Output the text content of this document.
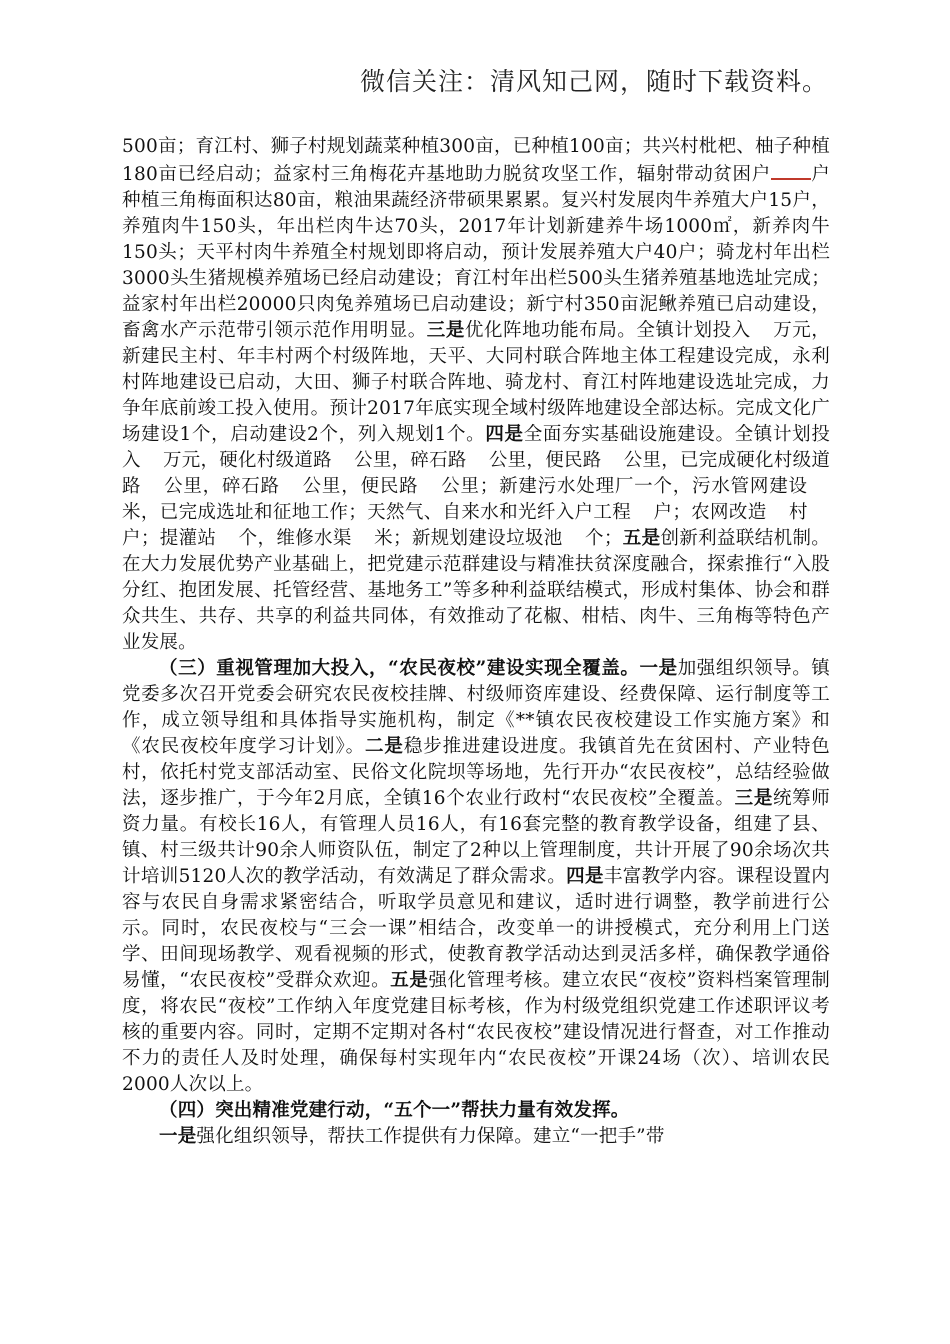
微信关注：清风知己网，随时下载资料。

500亩；育江村、狮子村规划蔬菜种植300亩，已种植100亩；共兴村枇杷、柚子种植180亩已经启动；益家村三角梅花卉基地助力脱贫攻坚工作，辐射带动贫困户 户种植三角梅面积达80亩，粮油果蔬经济带硕果累累。复兴村发展肉牛养殖大户15户，养殖肉牛150头，年出栏肉牛达70头，2017年计划新建养牛场1000㎡，新养肉牛150头；天平村肉牛养殖全村规划即将启动，预计发展养殖大户40户；骑龙村年出栏3000头生猪规模养殖场已经启动建设；育江村年出栏500头生猪养殖基地选址完成；益家村年出栏20000只肉兔养殖场已启动建设；新宁村350亩泥鳅养殖已启动建设，畜禽水产示范带引领示范作用明显。三是优化阵地功能布局。全镇计划投入 万元，新建民主村、年丰村两个村级阵地，天平、大同村联合阵地主体工程建设完成，永利村阵地建设已启动，大田、狮子村联合阵地、骑龙村、育江村阵地建设选址完成，力争年底前竣工投入使用。预计2017年底实现全域村级阵地建设全部达标。完成文化广场建设1个，启动建设2个，列入规划1个。四是全面夯实基础设施建设。全镇计划投入 万元，硬化村级道路 公里，碎石路 公里，便民路 公里，已完成硬化村级道路 公里，碎石路 公里，便民路 公里；新建污水处理厂一个，污水管网建设米，已完成选址和征地工作；天然气、自来水和光纤入户工程 户；农网改造 村户；提灌站 个，维修水渠 米；新规划建设垃圾池 个；五是创新利益联结机制。在大力发展优势产业基础上，把党建示范群建设与精准扶贫深度融合，探索推行“入股分红、抱团发展、托管经营、基地务工”等多种利益联结模式，形成村集体、协会和群众共生、共存、共享的利益共同体，有效推动了花椒、柑桔、肉牛、三角梅等特色产业发展。

（三）重视管理加大投入，“农民夜校”建设实现全覆盖。一是加强组织领导。镇党委多次召开党委会研究农民夜校挂牌、村级师资库建设、经费保障、运行制度等工作，成立领导组和具体指导实施机构，制定《**镇农民夜校建设工作实施方案》和《农民夜校年度学习计划》。二是稳步推进建设进度。我镇首先在贫困村、产业特色村，依托村党支部活动室、民俗文化院坝等场地，先行开办“农民夜校”，总结经验做法，逐步推广，于今年2月底，全镇16个农业行政村“农民夜校”全覆盖。三是统筹师资力量。有校长16人，有管理人员16人，有16套完整的教育教学设备，组建了县、镇、村三级共计90余人师资队伍，制定了2种以上管理制度，共计开展了90余场次共计培训5120人次的教学活动，有效满足了群众需求。四是丰富教学内容。课程设置内容与农民自身需求紧密结合，听取学员意见和建议，适时进行调整，教学前进行公示。同时，农民夜校与“三会一课”相结合，改变单一的讲授模式，充分利用上门送学、田间现场教学、观看视频的形式，使教育教学活动达到灵活多样，确保教学通俗易懂，“农民夜校”受群众欢迎。五是强化管理考核。建立农民“夜校”资料档案管理制度，将农民“夜校”工作纳入年度党建目标考核，作为村级党组织党建工作述职评议考核的重要内容。同时，定期不定期对各村“农民夜校”建设情况进行督查，对工作推动不力的责任人及时处理，确保每村实现年内“农民夜校”开课24场（次）、培训农民2000人次以上。

（四）突出精准党建行动，“五个一”帮扶力量有效发挥。

一是强化组织领导，帮扶工作提供有力保障。建立“一把手”带
